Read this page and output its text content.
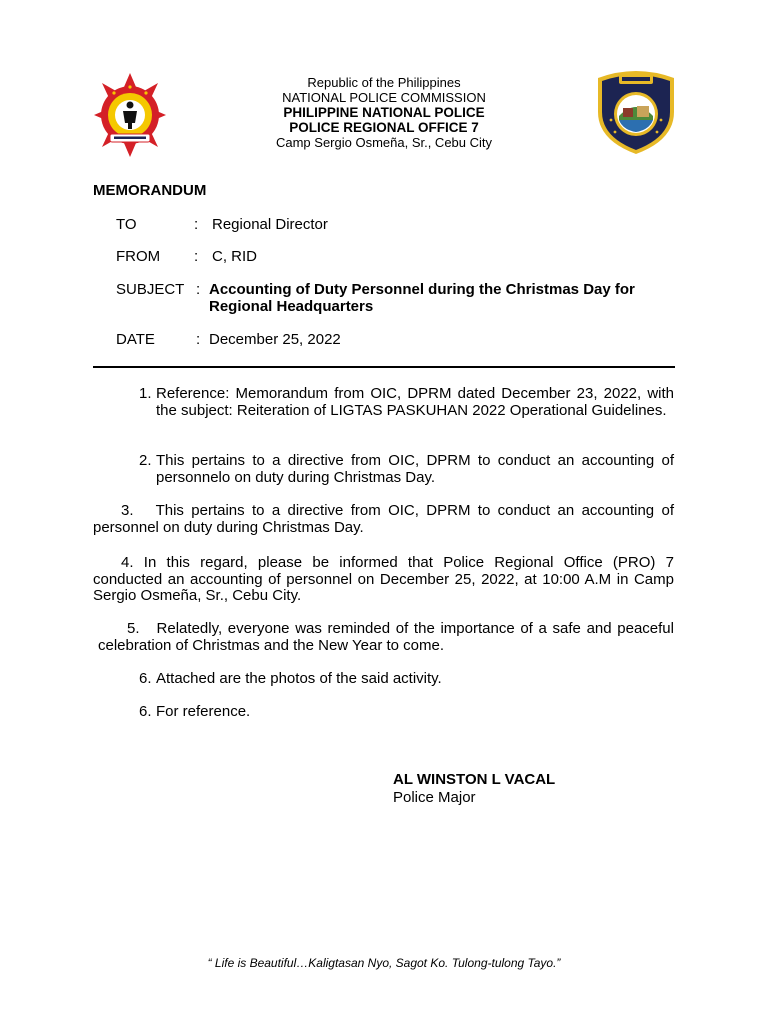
Republic of the Philippines
NATIONAL POLICE COMMISSION
PHILIPPINE NATIONAL POLICE
POLICE REGIONAL OFFICE 7
Camp Sergio Osmeña, Sr., Cebu City
MEMORANDUM
TO	: Regional Director
FROM : C, RID
SUBJECT : Accounting of Duty Personnel during the Christmas Day for
Regional Headquarters
DATE	: December 25, 2022
1. Reference: Memorandum from OIC, DPRM dated December 23, 2022, with the subject: Reiteration of LIGTAS PASKUHAN 2022 Operational Guidelines.
2. This pertains to a directive from OIC, DPRM to conduct an accounting of personnelo on duty during Christmas Day.
3. This pertains to a directive from OIC, DPRM to conduct an accounting of personnel on duty during Christmas Day.
4. In this regard, please be informed that Police Regional Office (PRO) 7 conducted an accounting of personnel on December 25, 2022, at 10:00 A.M in Camp Sergio Osmeña, Sr., Cebu City.
5. Relatedly, everyone was reminded of the importance of a safe and peaceful celebration of Christmas and the New Year to come.
6. Attached are the photos of the said activity.
6. For reference.
AL WINSTON L VACAL
Police Major
“ Life is Beautiful…Kaligtasan Nyo, Sagot Ko. Tulong-tulong Tayo.”
